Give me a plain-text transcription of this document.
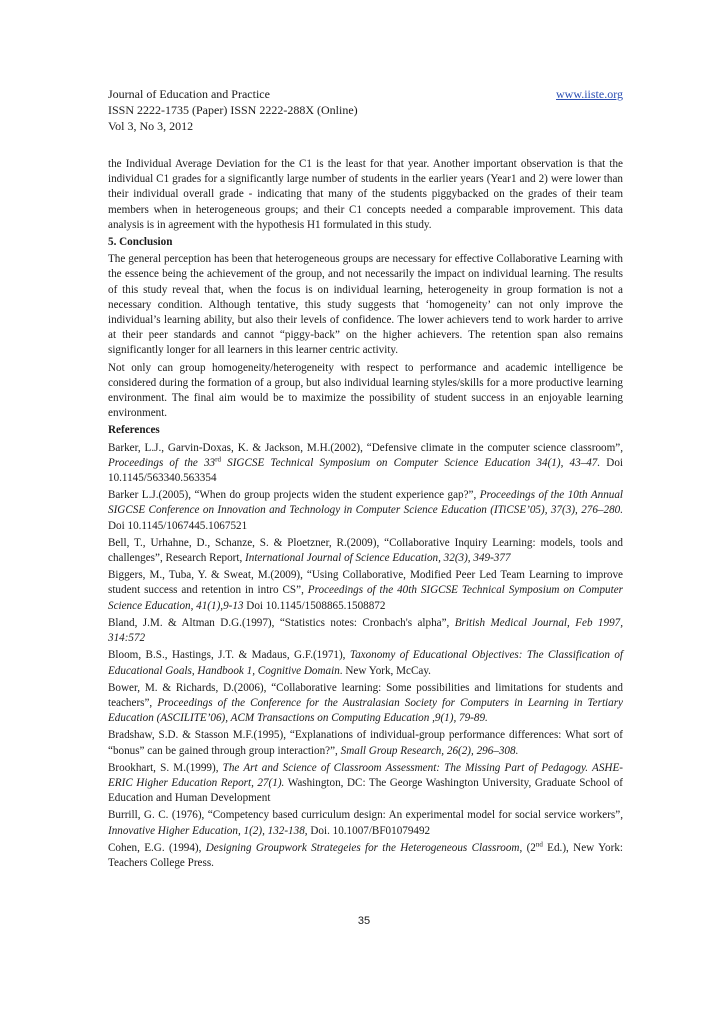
Journal of Education and Practice	www.iiste.org
ISSN 2222-1735 (Paper) ISSN 2222-288X (Online)
Vol 3, No 3, 2012

the Individual Average Deviation for the C1 is the least for that year. Another important observation is that the individual C1 grades for a significantly large number of students in the earlier years (Year1 and 2) were lower than their individual overall grade - indicating that many of the students piggybacked on the grades of their team members when in heterogeneous groups; and their C1 concepts needed a comparable improvement. This data analysis is in agreement with the hypothesis H1 formulated in this study.

5. Conclusion

The general perception has been that heterogeneous groups are necessary for effective Collaborative Learning with the essence being the achievement of the group, and not necessarily the impact on individual learning. The results of this study reveal that, when the focus is on individual learning, heterogeneity in group formation is not a necessary condition. Although tentative, this study suggests that ‘homogeneity’ can not only improve the individual’s learning ability, but also their levels of confidence. The lower achievers tend to work harder to arrive at their peer standards and cannot “piggy-back” on the higher achievers. The retention span also remains significantly longer for all learners in this learner centric activity.

Not only can group homogeneity/heterogeneity with respect to performance and academic intelligence be considered during the formation of a group, but also individual learning styles/skills for a more productive learning environment. The final aim would be to maximize the possibility of student success in an enjoyable learning environment.

References

Barker, L.J., Garvin-Doxas, K. & Jackson, M.H.(2002), “Defensive climate in the computer science classroom”, Proceedings of the 33rd SIGCSE Technical Symposium on Computer Science Education 34(1), 43–47. Doi 10.1145/563340.563354

Barker L.J.(2005), “When do group projects widen the student experience gap?”, Proceedings of the 10th Annual SIGCSE Conference on Innovation and Technology in Computer Science Education (ITiCSE’05), 37(3), 276–280. Doi 10.1145/1067445.1067521

Bell, T., Urhahne, D., Schanze, S. & Ploetzner, R.(2009), “Collaborative Inquiry Learning: models, tools and challenges”, Research Report, International Journal of Science Education, 32(3), 349-377

Biggers, M., Tuba, Y. & Sweat, M.(2009), “Using Collaborative, Modified Peer Led Team Learning to improve student success and retention in intro CS”, Proceedings of the 40th SIGCSE Technical Symposium on Computer Science Education, 41(1),9-13 Doi 10.1145/1508865.1508872

Bland, J.M. & Altman D.G.(1997), “Statistics notes: Cronbach's alpha”, British Medical Journal, Feb 1997, 314:572

Bloom, B.S., Hastings, J.T. & Madaus, G.F.(1971), Taxonomy of Educational Objectives: The Classification of Educational Goals, Handbook 1, Cognitive Domain. New York, McCay.

Bower, M. & Richards, D.(2006), “Collaborative learning: Some possibilities and limitations for students and teachers”, Proceedings of the Conference for the Australasian Society for Computers in Learning in Tertiary Education (ASCILITE’06), ACM Transactions on Computing Education ,9(1), 79-89.

Bradshaw, S.D. & Stasson M.F.(1995), “Explanations of individual-group performance differences: What sort of “bonus” can be gained through group interaction?”, Small Group Research, 26(2), 296–308.

Brookhart, S. M.(1999), The Art and Science of Classroom Assessment: The Missing Part of Pedagogy. ASHE-ERIC Higher Education Report, 27(1). Washington, DC: The George Washington University, Graduate School of Education and Human Development

Burrill, G. C. (1976), “Competency based curriculum design: An experimental model for social service workers”, Innovative Higher Education, 1(2), 132-138, Doi. 10.1007/BF01079492

Cohen, E.G. (1994), Designing Groupwork Strategeies for the Heterogeneous Classroom, (2nd Ed.), New York: Teachers College Press.

35
